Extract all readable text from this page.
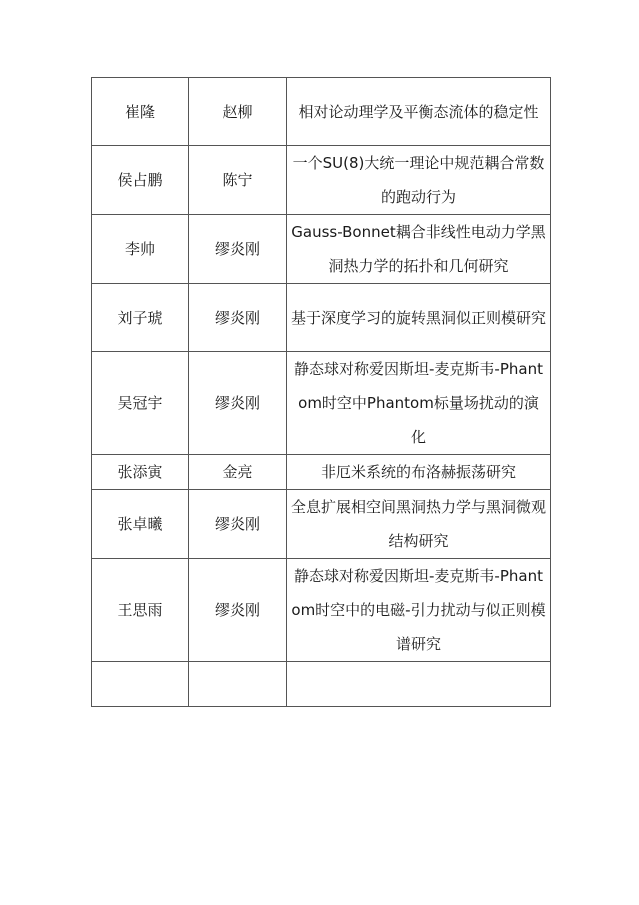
崔隆	赵柳	相对论动理学及平衡态流体的稳定性
侯占鹏	陈宁	一个SU(8)大统一理论中规范耦合常数的跑动行为
李帅	缪炎刚	Gauss-Bonnet耦合非线性电动力学黑洞热力学的拓扑和几何研究
刘子琥	缪炎刚	基于深度学习的旋转黑洞似正则模研究
吴冠宇	缪炎刚	静态球对称爱因斯坦-麦克斯韦-Phantom时空中Phantom标量场扰动的演化
张添寅	金亮	非厄米系统的布洛赫振荡研究
张卓曦	缪炎刚	全息扩展相空间黑洞热力学与黑洞微观结构研究
王思雨	缪炎刚	静态球对称爱因斯坦-麦克斯韦-Phantom时空中的电磁-引力扰动与似正则模谱研究
